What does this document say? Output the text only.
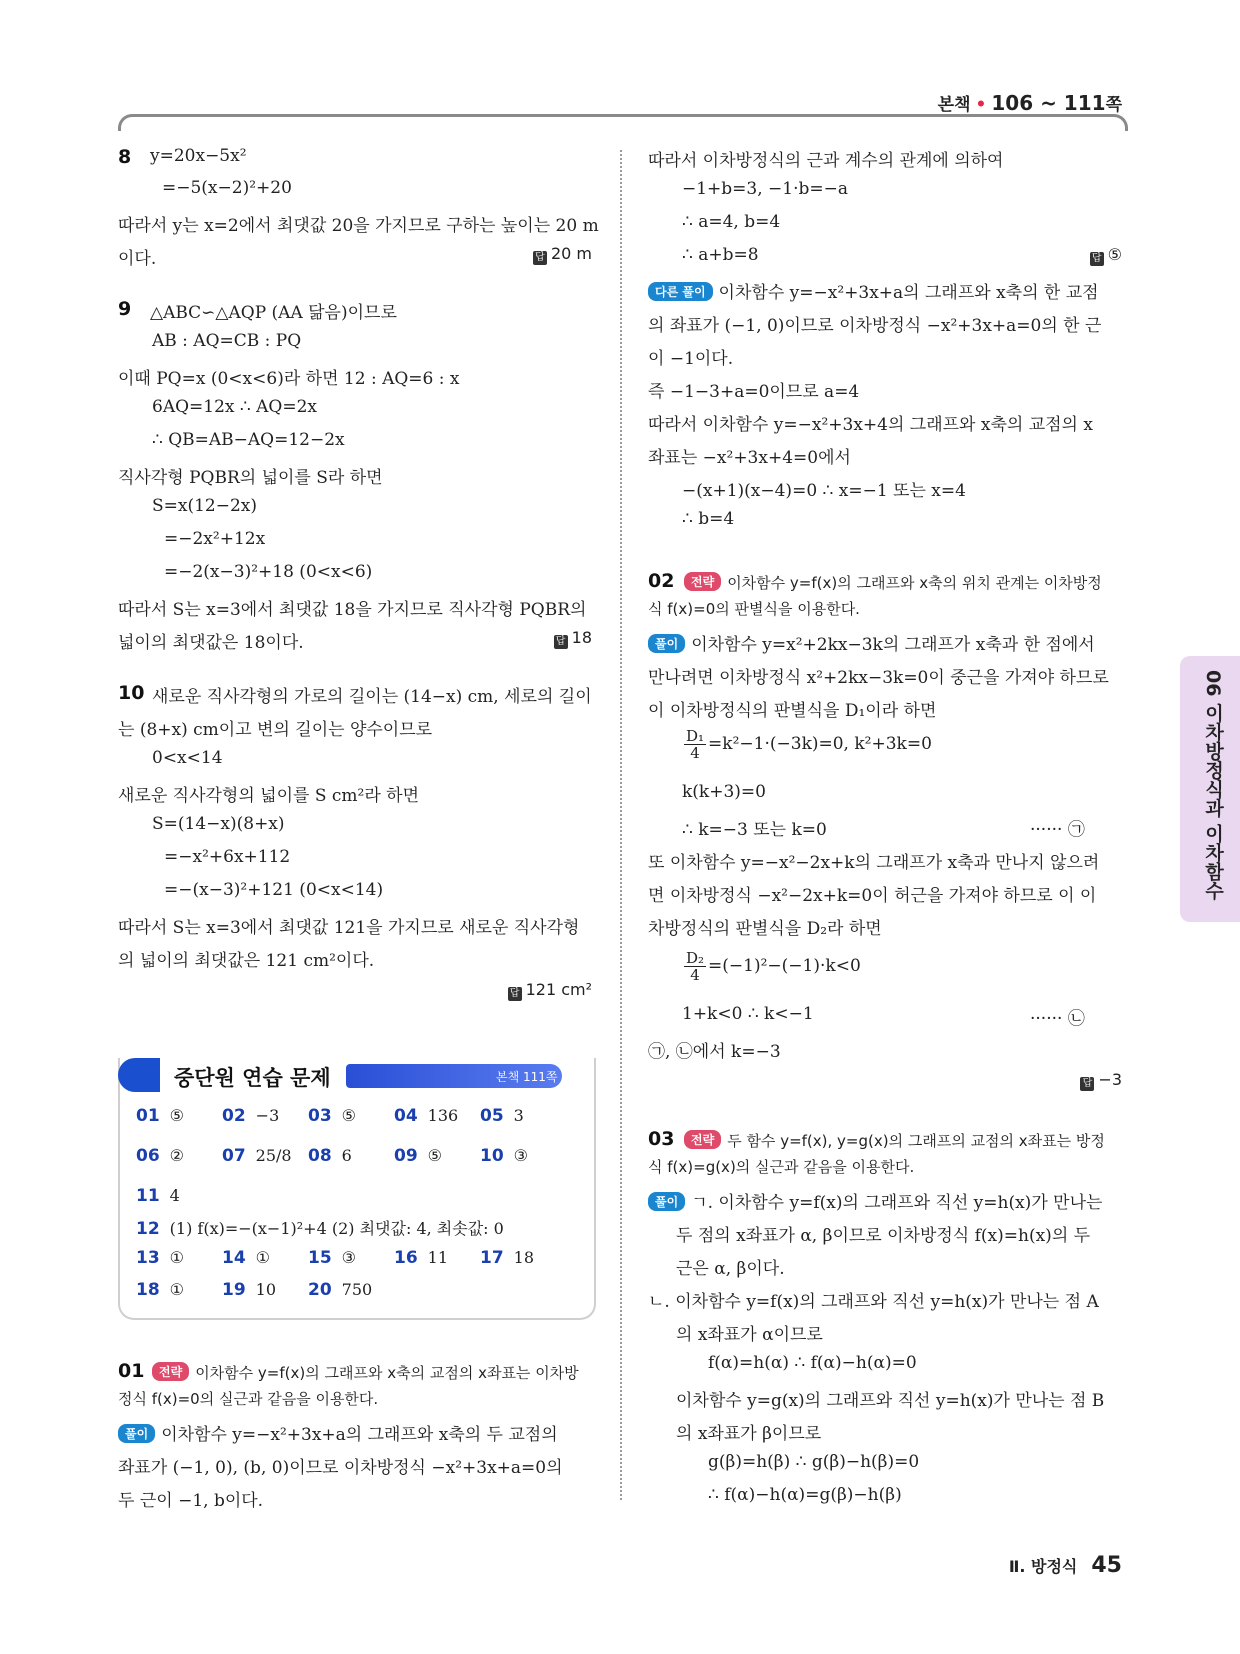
본책 • 106 ~ 111쪽
06 이차방정식과 이차함수
8 y=20x−5x²
=−5(x−2)²+20
따라서 y는 x=2에서 최댓값 20을 가지므로 구하는 높이는 20 m
이다.	답 20 m
9 △ABC∽△AQP (AA 닮음)이므로
AB : AQ=CB : PQ
이때 PQ=x (0<x<6)라 하면 12 : AQ=6 : x
6AQ=12x ∴ AQ=2x
∴ QB=AB−AQ=12−2x
직사각형 PQBR의 넓이를 S라 하면
S=x(12−2x)
=−2x²+12x
=−2(x−3)²+18 (0<x<6)
따라서 S는 x=3에서 최댓값 18을 가지므로 직사각형 PQBR의
넓이의 최댓값은 18이다.	답 18
10 새로운 직사각형의 가로의 길이는 (14−x) cm, 세로의 길이
는 (8+x) cm이고 변의 길이는 양수이므로
0<x<14
새로운 직사각형의 넓이를 S cm²라 하면
S=(14−x)(8+x)
=−x²+6x+112
=−(x−3)²+121 (0<x<14)
따라서 S는 x=3에서 최댓값 121을 가지므로 새로운 직사각형
의 넓이의 최댓값은 121 cm²이다.
답 121 cm²
중단원 연습 문제	본책 111쪽
01 ⑤ 02 −3 03 ⑤ 04 136 05 3
06 ② 07 25/8 08 6 09 ⑤ 10 ③
11 4
12 (1) f(x)=−(x−1)²+4 (2) 최댓값: 4, 최솟값: 0
13 ① 14 ① 15 ③ 16 11 17 18
18 ① 19 10 20 750
01	전략 이차함수 y=f(x)의 그래프와 x축의 교점의 x좌표는 이차방
정식 f(x)=0의 실근과 같음을 이용한다.
풀이 이차함수 y=−x²+3x+a의 그래프와 x축의 두 교점의
좌표가 (−1, 0), (b, 0)이므로 이차방정식 −x²+3x+a=0의
두 근이 −1, b이다.
따라서 이차방정식의 근과 계수의 관계에 의하여
−1+b=3, −1·b=−a
∴ a=4, b=4
∴ a+b=8	답 ⑤
다른 풀이 이차함수 y=−x²+3x+a의 그래프와 x축의 한 교점
의 좌표가 (−1, 0)이므로 이차방정식 −x²+3x+a=0의 한 근
이 −1이다.
즉 −1−3+a=0이므로 a=4
따라서 이차함수 y=−x²+3x+4의 그래프와 x축의 교점의 x
좌표는 −x²+3x+4=0에서
−(x+1)(x−4)=0 ∴ x=−1 또는 x=4
∴ b=4
02	전략 이차함수 y=f(x)의 그래프와 x축의 위치 관계는 이차방정
식 f(x)=0의 판별식을 이용한다.
풀이 이차함수 y=x²+2kx−3k의 그래프가 x축과 한 점에서
만나려면 이차방정식 x²+2kx−3k=0이 중근을 가져야 하므로
이 이차방정식의 판별식을 D₁이라 하면
$\frac{\text{D₁}}{4} =k^2-1\cdot(-3k)=0$, k²+3k=0
k(k+3)=0
∴ k=−3 또는 k=0	······ ㉠
또 이차함수 y=−x²−2x+k의 그래프가 x축과 만나지 않으려
면 이차방정식 −x²−2x+k=0이 허근을 가져야 하므로 이 이
차방정식의 판별식을 D₂라 하면
$\frac{\text{D₂}}{4} =(-1)^2-(-1)\cdot k<0$
1+k<0 ∴ k<−1	······ ㉡
㉠, ㉡에서 k=−3
답 −3
03	전략 두 함수 y=f(x), y=g(x)의 그래프의 교점의 x좌표는 방정
식 f(x)=g(x)의 실근과 같음을 이용한다.
풀이 ㄱ. 이차함수 y=f(x)의 그래프와 직선 y=h(x)가 만나는
두 점의 x좌표가 α, β이므로 이차방정식 f(x)=h(x)의 두
근은 α, β이다.
ㄴ. 이차함수 y=f(x)의 그래프와 직선 y=h(x)가 만나는 점 A
의 x좌표가 α이므로
f(α)=h(α) ∴ f(α)−h(α)=0
이차함수 y=g(x)의 그래프와 직선 y=h(x)가 만나는 점 B
의 x좌표가 β이므로
g(β)=h(β) ∴ g(β)−h(β)=0
∴ f(α)−h(α)=g(β)−h(β)
Ⅱ. 방정식 45
